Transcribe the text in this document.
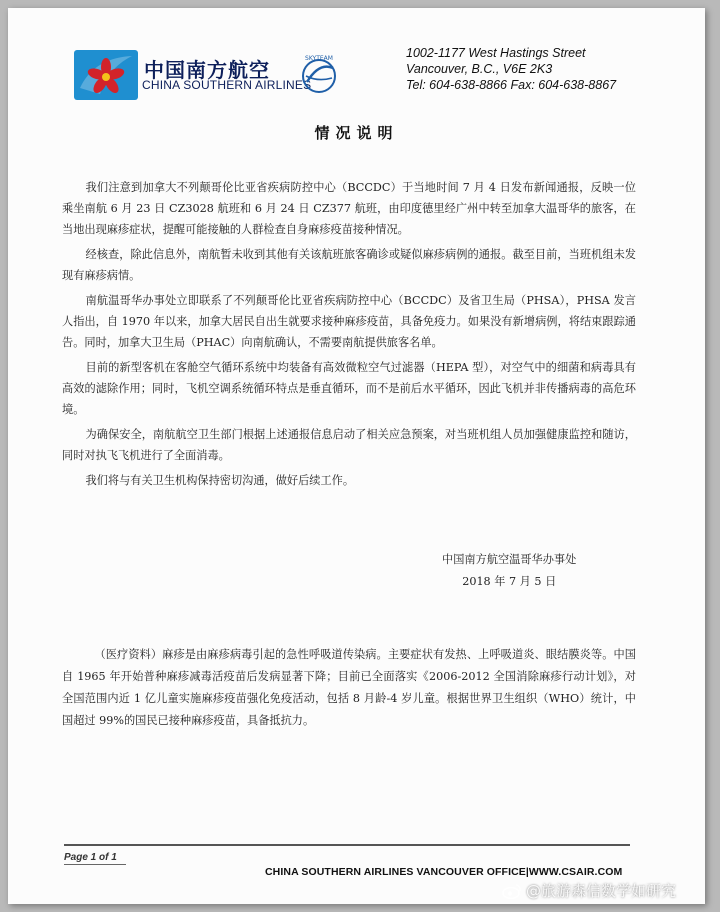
中国南方航空
CHINA SOUTHERN AIRLINES
SKYTEAM	1002-1177 West Hastings Street
Vancouver, B.C., V6E 2K3
Tel: 604-638-8866 Fax: 604-638-8867
情况说明

我们注意到加拿大不列颠哥伦比亚省疾病防控中心（BCCDC）于当地时间 7 月 4 日发布新闻通报，反映一位乘坐南航 6 月 23 日 CZ3028 航班和 6 月 24 日 CZ377 航班，由印度德里经广州中转至加拿大温哥华的旅客，在当地出现麻疹症状，提醒可能接触的人群检查自身麻疹疫苗接种情况。

经核查，除此信息外，南航暂未收到其他有关该航班旅客确诊或疑似麻疹病例的通报。截至目前，当班机组未发现有麻疹病情。

南航温哥华办事处立即联系了不列颠哥伦比亚省疾病防控中心（BCCDC）及省卫生局（PHSA），PHSA 发言人指出，自 1970 年以来，加拿大居民自出生就要求接种麻疹疫苗，具备免疫力。如果没有新增病例，将结束跟踪通告。同时，加拿大卫生局（PHAC）向南航确认，不需要南航提供旅客名单。

目前的新型客机在客舱空气循环系统中均装备有高效微粒空气过滤器（HEPA 型），对空气中的细菌和病毒具有高效的滤除作用；同时，飞机空调系统循环特点是垂直循环，而不是前后水平循环，因此飞机并非传播病毒的高危环境。

为确保安全，南航航空卫生部门根据上述通报信息启动了相关应急预案，对当班机组人员加强健康监控和随访，同时对执飞飞机进行了全面消毒。

我们将与有关卫生机构保持密切沟通，做好后续工作。

中国南方航空温哥华办事处
2018 年 7 月 5 日

（医疗资料）麻疹是由麻疹病毒引起的急性呼吸道传染病。主要症状有发热、上呼吸道炎、眼结膜炎等。中国自 1965 年开始普种麻疹减毒活疫苗后发病显著下降；目前已全面落实《2006-2012 全国消除麻疹行动计划》，对全国范围内近 1 亿儿童实施麻疹疫苗强化免疫活动，包括 8 月龄-4 岁儿童。根据世界卫生组织（WHO）统计，中国超过 99%的国民已接种麻疹疫苗，具备抵抗力。

Page 1 of 1
CHINA SOUTHERN AIRLINES VANCOUVER OFFICE|WWW.CSAIR.COM
@旅游森信数学如研究
